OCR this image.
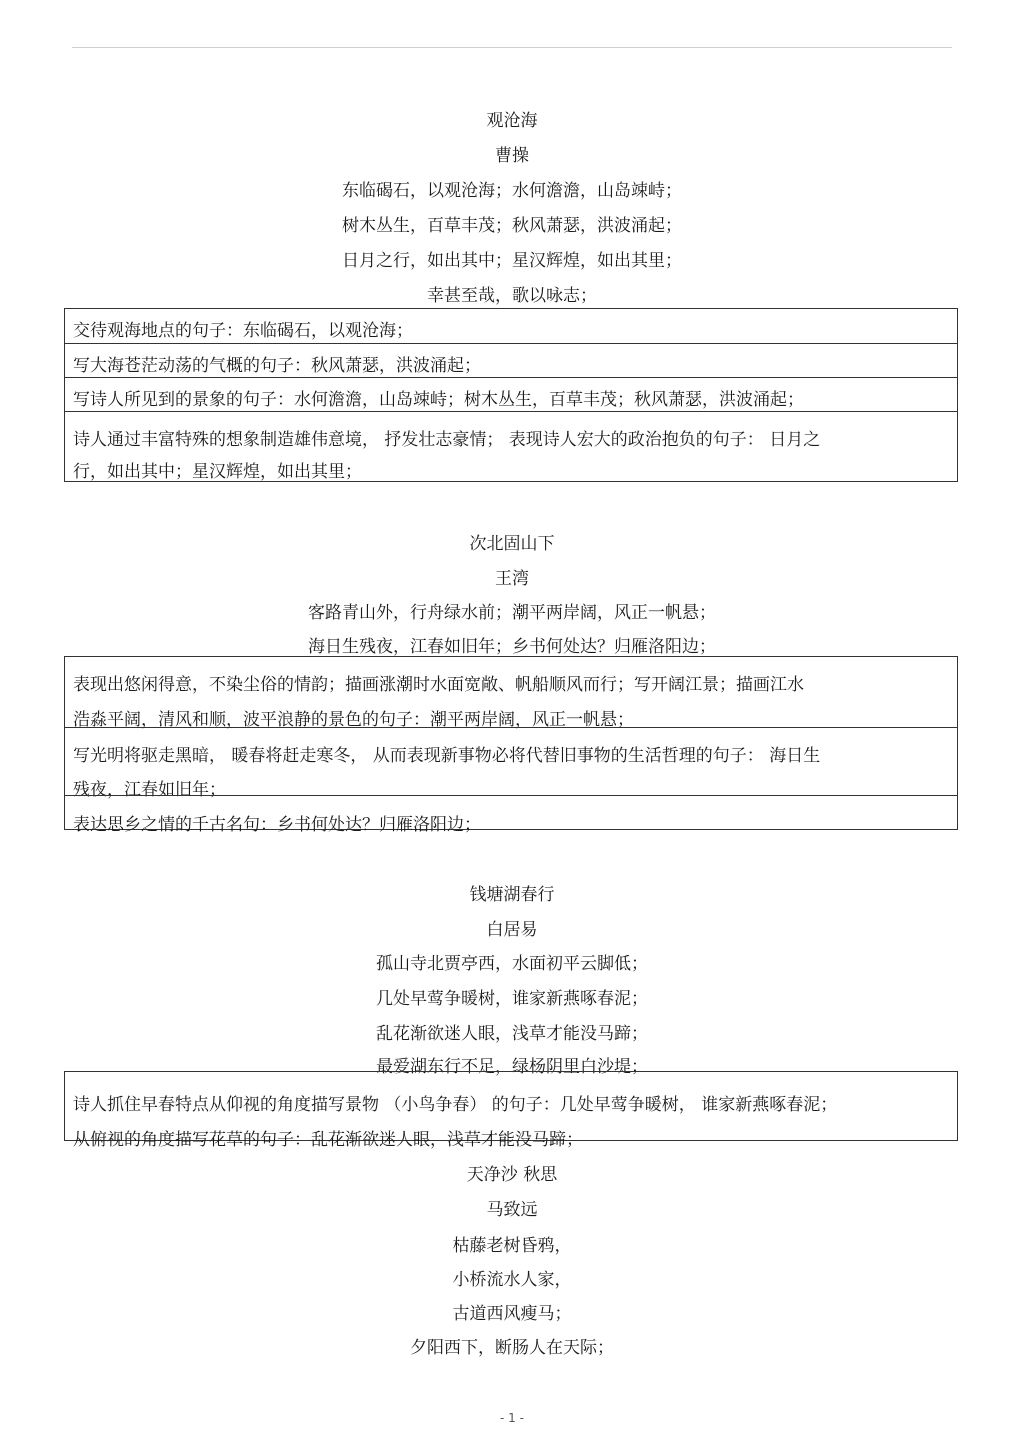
观沧海
曹操
东临碣石，以观沧海；水何澹澹，山岛竦峙；
树木丛生，百草丰茂；秋风萧瑟，洪波涌起；
日月之行，如出其中；星汉辉煌，如出其里；
幸甚至哉，歌以咏志；
交待观海地点的句子：东临碣石，以观沧海；
写大海苍茫动荡的气概的句子：秋风萧瑟，洪波涌起；
写诗人所见到的景象的句子：水何澹澹，山岛竦峙；树木丛生，百草丰茂；秋风萧瑟，洪波涌起；
诗人通过丰富特殊的想象制造雄伟意境， 抒发壮志豪情； 表现诗人宏大的政治抱负的句子： 日月之
行，如出其中；星汉辉煌，如出其里；
次北固山下
王湾
客路青山外，行舟绿水前；潮平两岸阔，风正一帆悬；
海日生残夜，江春如旧年；乡书何处达？归雁洛阳边；
表现出悠闲得意，不染尘俗的情韵；描画涨潮时水面宽敞、帆船顺风而行；写开阔江景；描画江水
浩淼平阔，清风和顺，波平浪静的景色的句子：潮平两岸阔，风正一帆悬；
写光明将驱走黑暗， 暖春将赶走寒冬， 从而表现新事物必将代替旧事物的生活哲理的句子： 海日生
残夜，江春如旧年；
表达思乡之情的千古名句：乡书何处达？归雁洛阳边；
钱塘湖春行
白居易
孤山寺北贾亭西，水面初平云脚低；
几处早莺争暖树，谁家新燕啄春泥；
乱花渐欲迷人眼，浅草才能没马蹄；
最爱湖东行不足，绿杨阴里白沙堤；
诗人抓住早春特点从仰视的角度描写景物 （小鸟争春） 的句子：几处早莺争暖树， 谁家新燕啄春泥；
从俯视的角度描写花草的句子：乱花渐欲迷人眼，浅草才能没马蹄；
天净沙 秋思
马致远
枯藤老树昏鸦，
小桥流水人家，
古道西风瘦马；
夕阳西下，断肠人在天际；
- 1 -
